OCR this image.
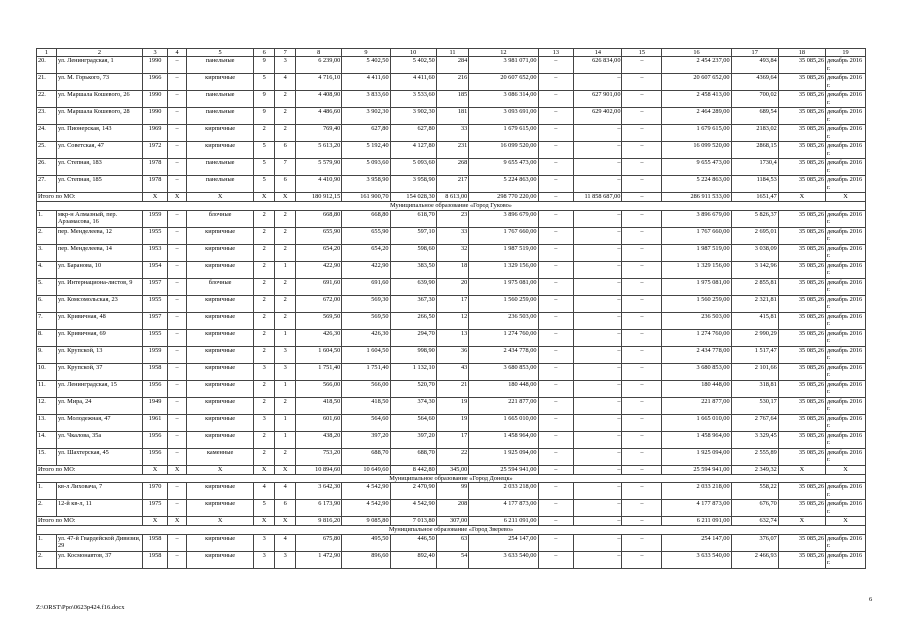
1	2	3	4	5	6	7	8	9	10	11	12	13	14	15	16	17	18	19
20.	ул. Ленинградская, 1	1990	–	панельные	9	3	6 239,00	5 402,50	5 402,50	284	3 981 071,00	–	626 834,00	–	2 454 237,00	493,84	35 085,26	декабрь 2016 г.
21.	ул. М. Горького, 73	1966	–	кирпичные	5	4	4 716,10	4 411,60	4 411,60	216	20 607 652,00	–	–	–	20 607 652,00	4369,64	35 085,26	декабрь 2016 г.
22.	ул. Маршала Кошевого, 26	1990	–	панельные	9	2	4 408,90	3 833,60	3 533,60	185	3 086 314,00	–	627 901,00	–	2 458 413,00	700,02	35 085,26	декабрь 2016 г.
23.	ул. Маршала Кошевого, 28	1990	–	панельные	9	2	4 486,60	3 902,30	3 902,30	181	3 093 691,00	–	629 402,00	–	2 464 289,00	689,54	35 085,26	декабрь 2016 г.
24.	ул. Пионерская, 143	1969	–	кирпичные	2	2	769,40	627,80	627,80	33	1 679 615,00	–	–	–	1 679 615,00	2183,02	35 085,26	декабрь 2016 г.
25.	ул. Советская, 47	1972	–	кирпичные	5	6	5 613,20	5 192,40	4 127,80	231	16 099 520,00	–	–	–	16 099 520,00	2868,15	35 085,26	декабрь 2016 г.
26.	ул. Степная, 183	1978	–	панельные	5	7	5 579,90	5 093,60	5 093,60	268	9 655 473,00	–	–	–	9 655 473,00	1730,4	35 085,26	декабрь 2016 г.
27.	ул. Степная, 185	1978	–	панельные	5	6	4 410,90	3 958,90	3 958,90	217	5 224 863,00	–	–	–	5 224 863,00	1184,53	35 085,26	декабрь 2016 г.
Итого по МО:		Х	Х	Х	Х	Х	180 912,15	161 900,70	154 028,30	8 613,00	298 770 220,00	–	11 858 687,00	–	286 911 533,00	1651,47	Х	Х
Муниципальное образование «Город Гуково»																		
1.	мкр-н Алмазный, пер. Арзамасова, 16	1959	–	блочные	2	2	668,80	668,80	618,70	23	3 896 679,00	–	–	–	3 896 679,00	5 826,37	35 085,26	декабрь 2016 г.
2.	пер. Менделеева, 12	1955	–	кирпичные	2	2	655,90	655,90	597,10	33	1 767 660,00	–	–	–	1 767 660,00	2 695,01	35 085,26	декабрь 2016 г.
3.	пер. Менделеева, 14	1953	–	кирпичные	2	2	654,20	654,20	598,60	32	1 987 519,00	–	–	–	1 987 519,00	3 038,09	35 085,26	декабрь 2016 г.
4.	ул. Баранова, 10	1954	–	кирпичные	2	1	422,90	422,90	383,50	18	1 329 156,00	–	–	–	1 329 156,00	3 142,96	35 085,26	декабрь 2016 г.
5.	ул. Интернациона-листов, 9	1957	–	блочные	2	2	691,60	691,60	639,90	20	1 975 081,00	–	–	–	1 975 081,00	2 855,81	35 085,26	декабрь 2016 г.
6.	ул. Комсомольская, 23	1955	–	кирпичные	2	2	672,00	569,30	367,30	17	1 560 259,00	–	–	–	1 560 259,00	2 321,81	35 085,26	декабрь 2016 г.
7.	ул. Кривичная, 48	1957	–	кирпичные	2	2	569,50	569,50	266,50	12	236 503,00	–	–	–	236 503,00	415,81	35 085,26	декабрь 2016 г.
8.	ул. Кривичная, 69	1955	–	кирпичные	2	1	426,30	426,30	294,70	13	1 274 760,00	–	–	–	1 274 760,00	2 990,29	35 085,26	декабрь 2016 г.
9.	ул. Крупской, 13	1959	–	кирпичные	2	3	1 604,50	1 604,50	998,90	36	2 434 778,00	–	–	–	2 434 778,00	1 517,47	35 085,26	декабрь 2016 г.
10.	ул. Крупской, 37	1958	–	кирпичные	3	3	1 751,40	1 751,40	1 132,10	43	3 680 853,00	–	–	–	3 680 853,00	2 101,66	35 085,26	декабрь 2016 г.
11.	ул. Ленинградская, 15	1956	–	кирпичные	2	1	566,00	566,00	520,70	21	180 448,00	–	–	–	180 448,00	318,81	35 085,26	декабрь 2016 г.
12.	ул. Мира, 24	1949	–	кирпичные	2	2	418,50	418,50	374,30	19	221 877,00	–	–	–	221 877,00	530,17	35 085,26	декабрь 2016 г.
13.	ул. Молодежная, 47	1961	–	кирпичные	3	1	601,60	564,60	564,60	19	1 665 010,00	–	–	–	1 665 010,00	2 767,64	35 085,26	декабрь 2016 г.
14.	ул. Чкалова, 35а	1956	–	кирпичные	2	1	438,20	397,20	397,20	17	1 458 964,00	–	–	–	1 458 964,00	3 329,45	35 085,26	декабрь 2016 г.
15.	ул. Шахтерская, 45	1956	–	каменные	2	2	753,20	688,70	688,70	22	1 925 094,00	–	–	–	1 925 094,00	2 555,89	35 085,26	декабрь 2016 г.
Итого по МО:		Х	Х	Х	Х	Х	10 894,60	10 649,60	8 442,80	345,00	25 594 941,00	–	–	–	25 594 941,00	2 349,32	Х	Х
Муниципальное образование «Город Донецк»																		
1.	кв-л Лиховача, 7	1970	–	кирпичные	4	4	3 642,30	4 542,90	2 470,90	99	2 033 218,00	–	–	–	2 033 218,00	558,22	35 085,26	декабрь 2016 г.
2.	12-й кв-л, 11	1975	–	кирпичные	5	6	6 173,90	4 542,90	4 542,90	208	4 177 873,00	–	–	–	4 177 873,00	676,70	35 085,26	декабрь 2016 г.
Итого по МО:		Х	Х	Х	Х	Х	9 816,20	9 085,80	7 013,80	307,00	6 211 091,00	–	–	–	6 211 091,00	632,74	Х	Х
Муниципальное образование «Город Зверево»																		
1.	ул. 47-й Гвардейской Дивизии, 29	1958	–	кирпичные	3	4	675,80	495,50	446,50	63	254 147,00	–	–	–	254 147,00	376,07	35 085,26	декабрь 2016 г.
2.	ул. Космонавтов, 37	1958	–	кирпичные	3	3	1 472,90	896,60	892,40	54	3 633 540,00	–	–	–	3 633 540,00	2 466,93	35 085,26	декабрь 2016 г.
Z:\ORST\Ppo\0623p424.f16.docx
6
